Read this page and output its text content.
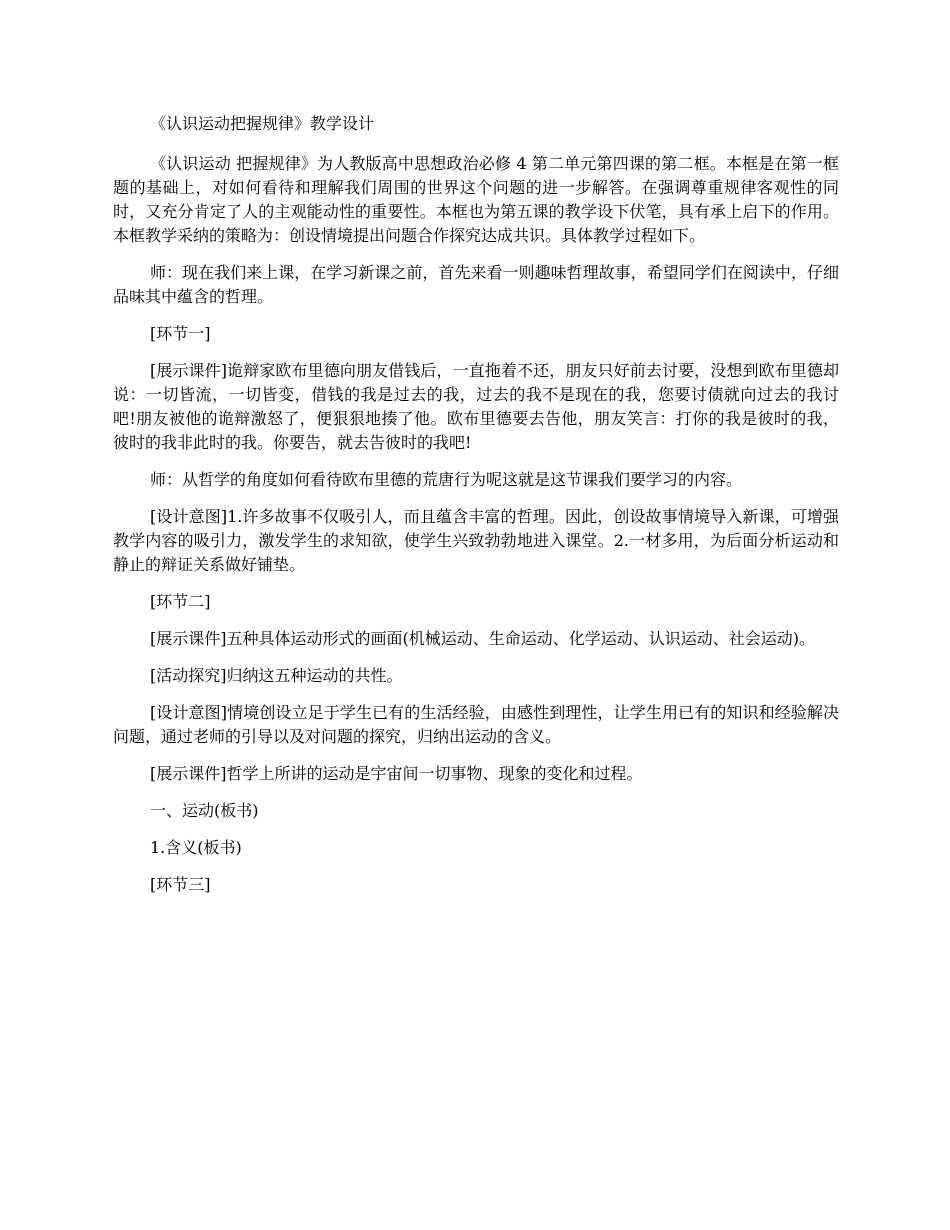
《认识运动把握规律》教学设计

《认识运动 把握规律》为人教版高中思想政治必修 4 第二单元第四课的第二框。本框是在第一框题的基础上，对如何看待和理解我们周围的世界这个问题的进一步解答。在强调尊重规律客观性的同时，又充分肯定了人的主观能动性的重要性。本框也为第五课的教学设下伏笔，具有承上启下的作用。本框教学采纳的策略为：创设情境提出问题合作探究达成共识。具体教学过程如下。

师：现在我们来上课，在学习新课之前，首先来看一则趣味哲理故事，希望同学们在阅读中，仔细品味其中蕴含的哲理。

[环节一]

[展示课件]诡辩家欧布里德向朋友借钱后，一直拖着不还，朋友只好前去讨要，没想到欧布里德却说：一切皆流，一切皆变，借钱的我是过去的我，过去的我不是现在的我，您要讨债就向过去的我讨吧!朋友被他的诡辩激怒了，便狠狠地揍了他。欧布里德要去告他，朋友笑言：打你的我是彼时的我，彼时的我非此时的我。你要告，就去告彼时的我吧!

师：从哲学的角度如何看待欧布里德的荒唐行为呢这就是这节课我们要学习的内容。

[设计意图]1.许多故事不仅吸引人，而且蕴含丰富的哲理。因此，创设故事情境导入新课，可增强教学内容的吸引力，激发学生的求知欲，使学生兴致勃勃地进入课堂。2.一材多用，为后面分析运动和静止的辩证关系做好铺垫。

[环节二]

[展示课件]五种具体运动形式的画面(机械运动、生命运动、化学运动、认识运动、社会运动)。

[活动探究]归纳这五种运动的共性。

[设计意图]情境创设立足于学生已有的生活经验，由感性到理性，让学生用已有的知识和经验解决问题，通过老师的引导以及对问题的探究，归纳出运动的含义。

[展示课件]哲学上所讲的运动是宇宙间一切事物、现象的变化和过程。

一、运动(板书)

1.含义(板书)

[环节三]
